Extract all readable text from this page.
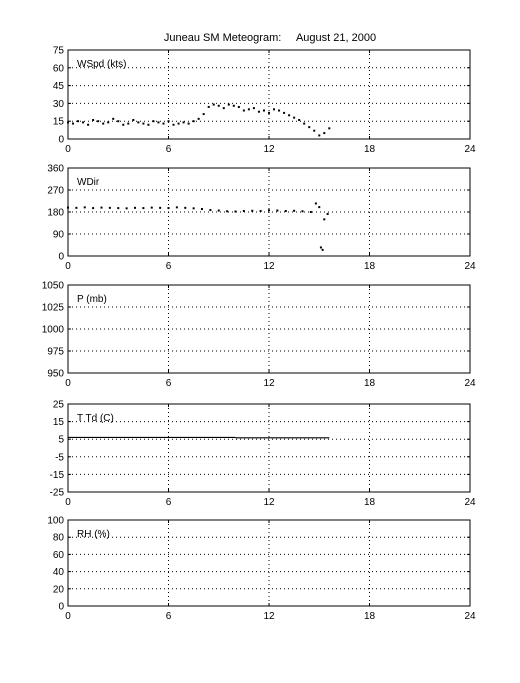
Juneau SM Meteogram:     August 21, 2000
0	6	12	18	24
0
15
30
45
60
75
WSpd (kts)
0	6	12	18	24
0
90
180
270
360
WDir
0	6	12	18	24
950
975
1000
1025
1050
P (mb)
0	6	12	18	24
-25
-15
-5
5
15
25
T Td (C)
0	6	12	18	24
0
20
40
60
80
100
RH (%)
